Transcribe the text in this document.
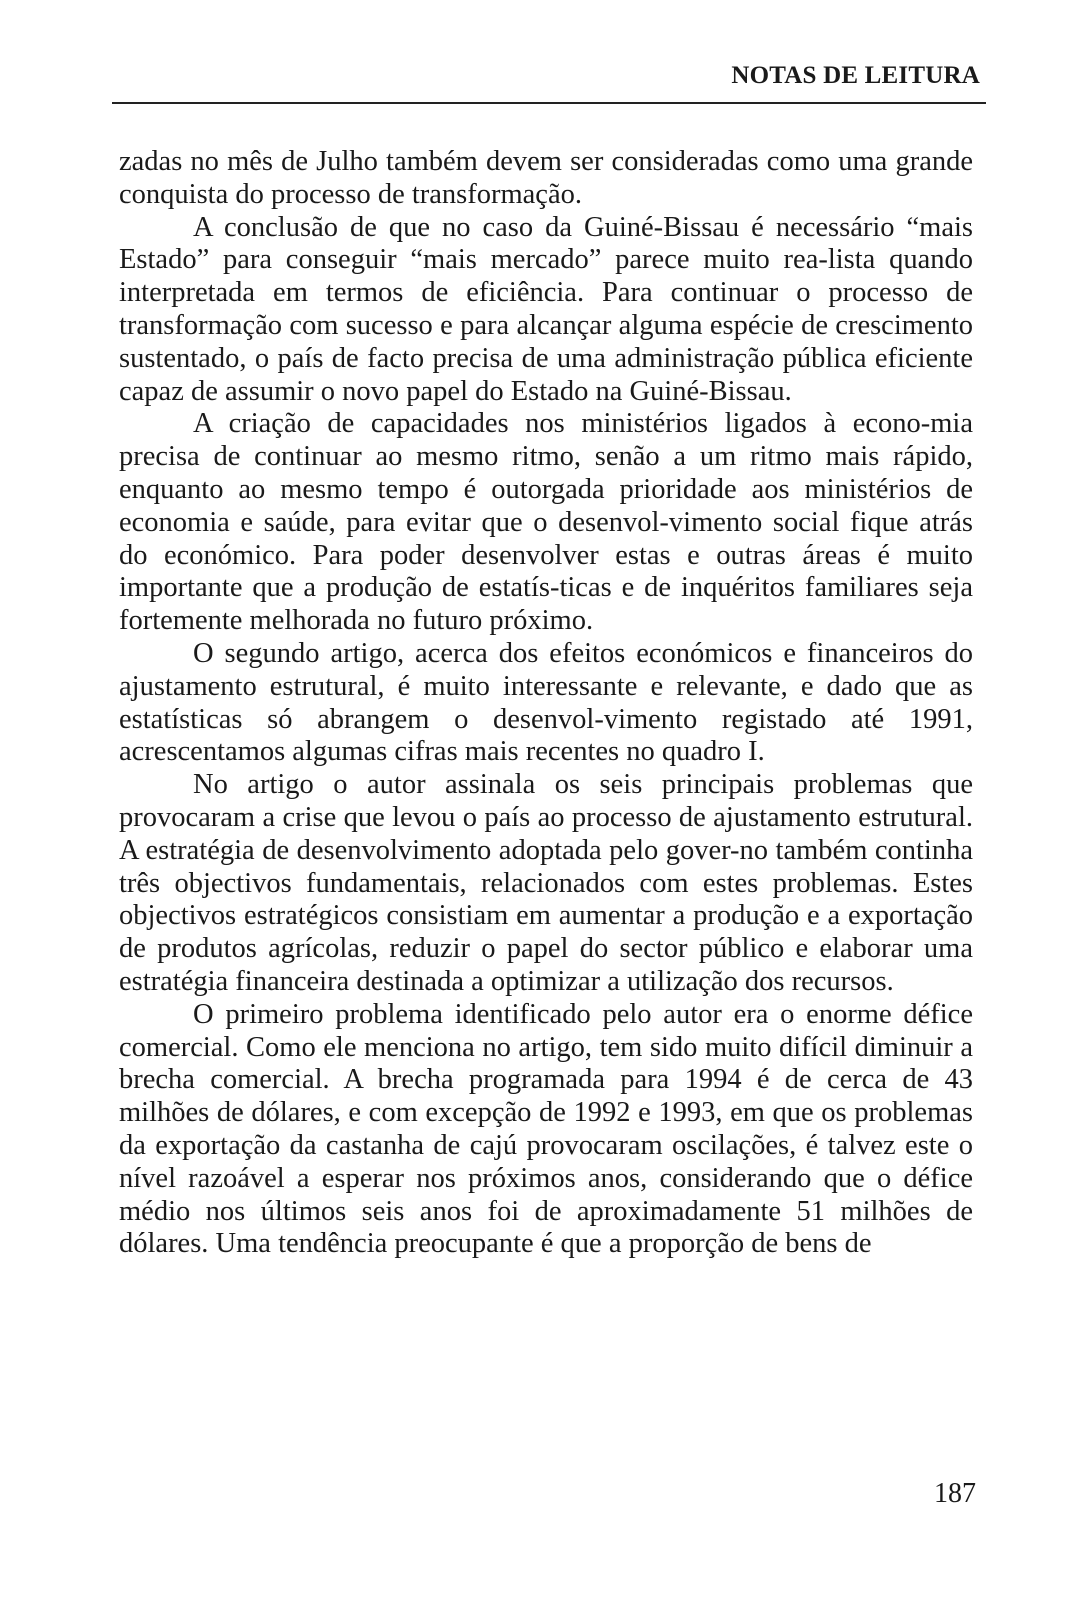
NOTAS DE LEITURA

zadas no mês de Julho também devem ser consideradas como uma grande conquista do processo de transformação.

A conclusão de que no caso da Guiné-Bissau é necessário “mais Estado” para conseguir “mais mercado” parece muito rea-lista quando interpretada em termos de eficiência. Para continuar o processo de transformação com sucesso e para alcançar alguma espécie de crescimento sustentado, o país de facto precisa de uma administração pública eficiente capaz de assumir o novo papel do Estado na Guiné-Bissau.

A criação de capacidades nos ministérios ligados à econo-mia precisa de continuar ao mesmo ritmo, senão a um ritmo mais rápido, enquanto ao mesmo tempo é outorgada prioridade aos ministérios de economia e saúde, para evitar que o desenvol-vimento social fique atrás do económico. Para poder desenvolver estas e outras áreas é muito importante que a produção de estatís-ticas e de inquéritos familiares seja fortemente melhorada no futuro próximo.

O segundo artigo, acerca dos efeitos económicos e financeiros do ajustamento estrutural, é muito interessante e relevante, e dado que as estatísticas só abrangem o desenvol-vimento registado até 1991, acrescentamos algumas cifras mais recentes no quadro I.

No artigo o autor assinala os seis principais problemas que provocaram a crise que levou o país ao processo de ajustamento estrutural. A estratégia de desenvolvimento adoptada pelo gover-no também continha três objectivos fundamentais, relacionados com estes problemas. Estes objectivos estratégicos consistiam em aumentar a produção e a exportação de produtos agrícolas, reduzir o papel do sector público e elaborar uma estratégia financeira destinada a optimizar a utilização dos recursos.

O primeiro problema identificado pelo autor era o enorme défice comercial. Como ele menciona no artigo, tem sido muito difícil diminuir a brecha comercial. A brecha programada para 1994 é de cerca de 43 milhões de dólares, e com excepção de 1992 e 1993, em que os problemas da exportação da castanha de cajú provocaram oscilações, é talvez este o nível razoável a esperar nos próximos anos, considerando que o défice médio nos últimos seis anos foi de aproximadamente 51 milhões de dólares. Uma tendência preocupante é que a proporção de bens de

187
